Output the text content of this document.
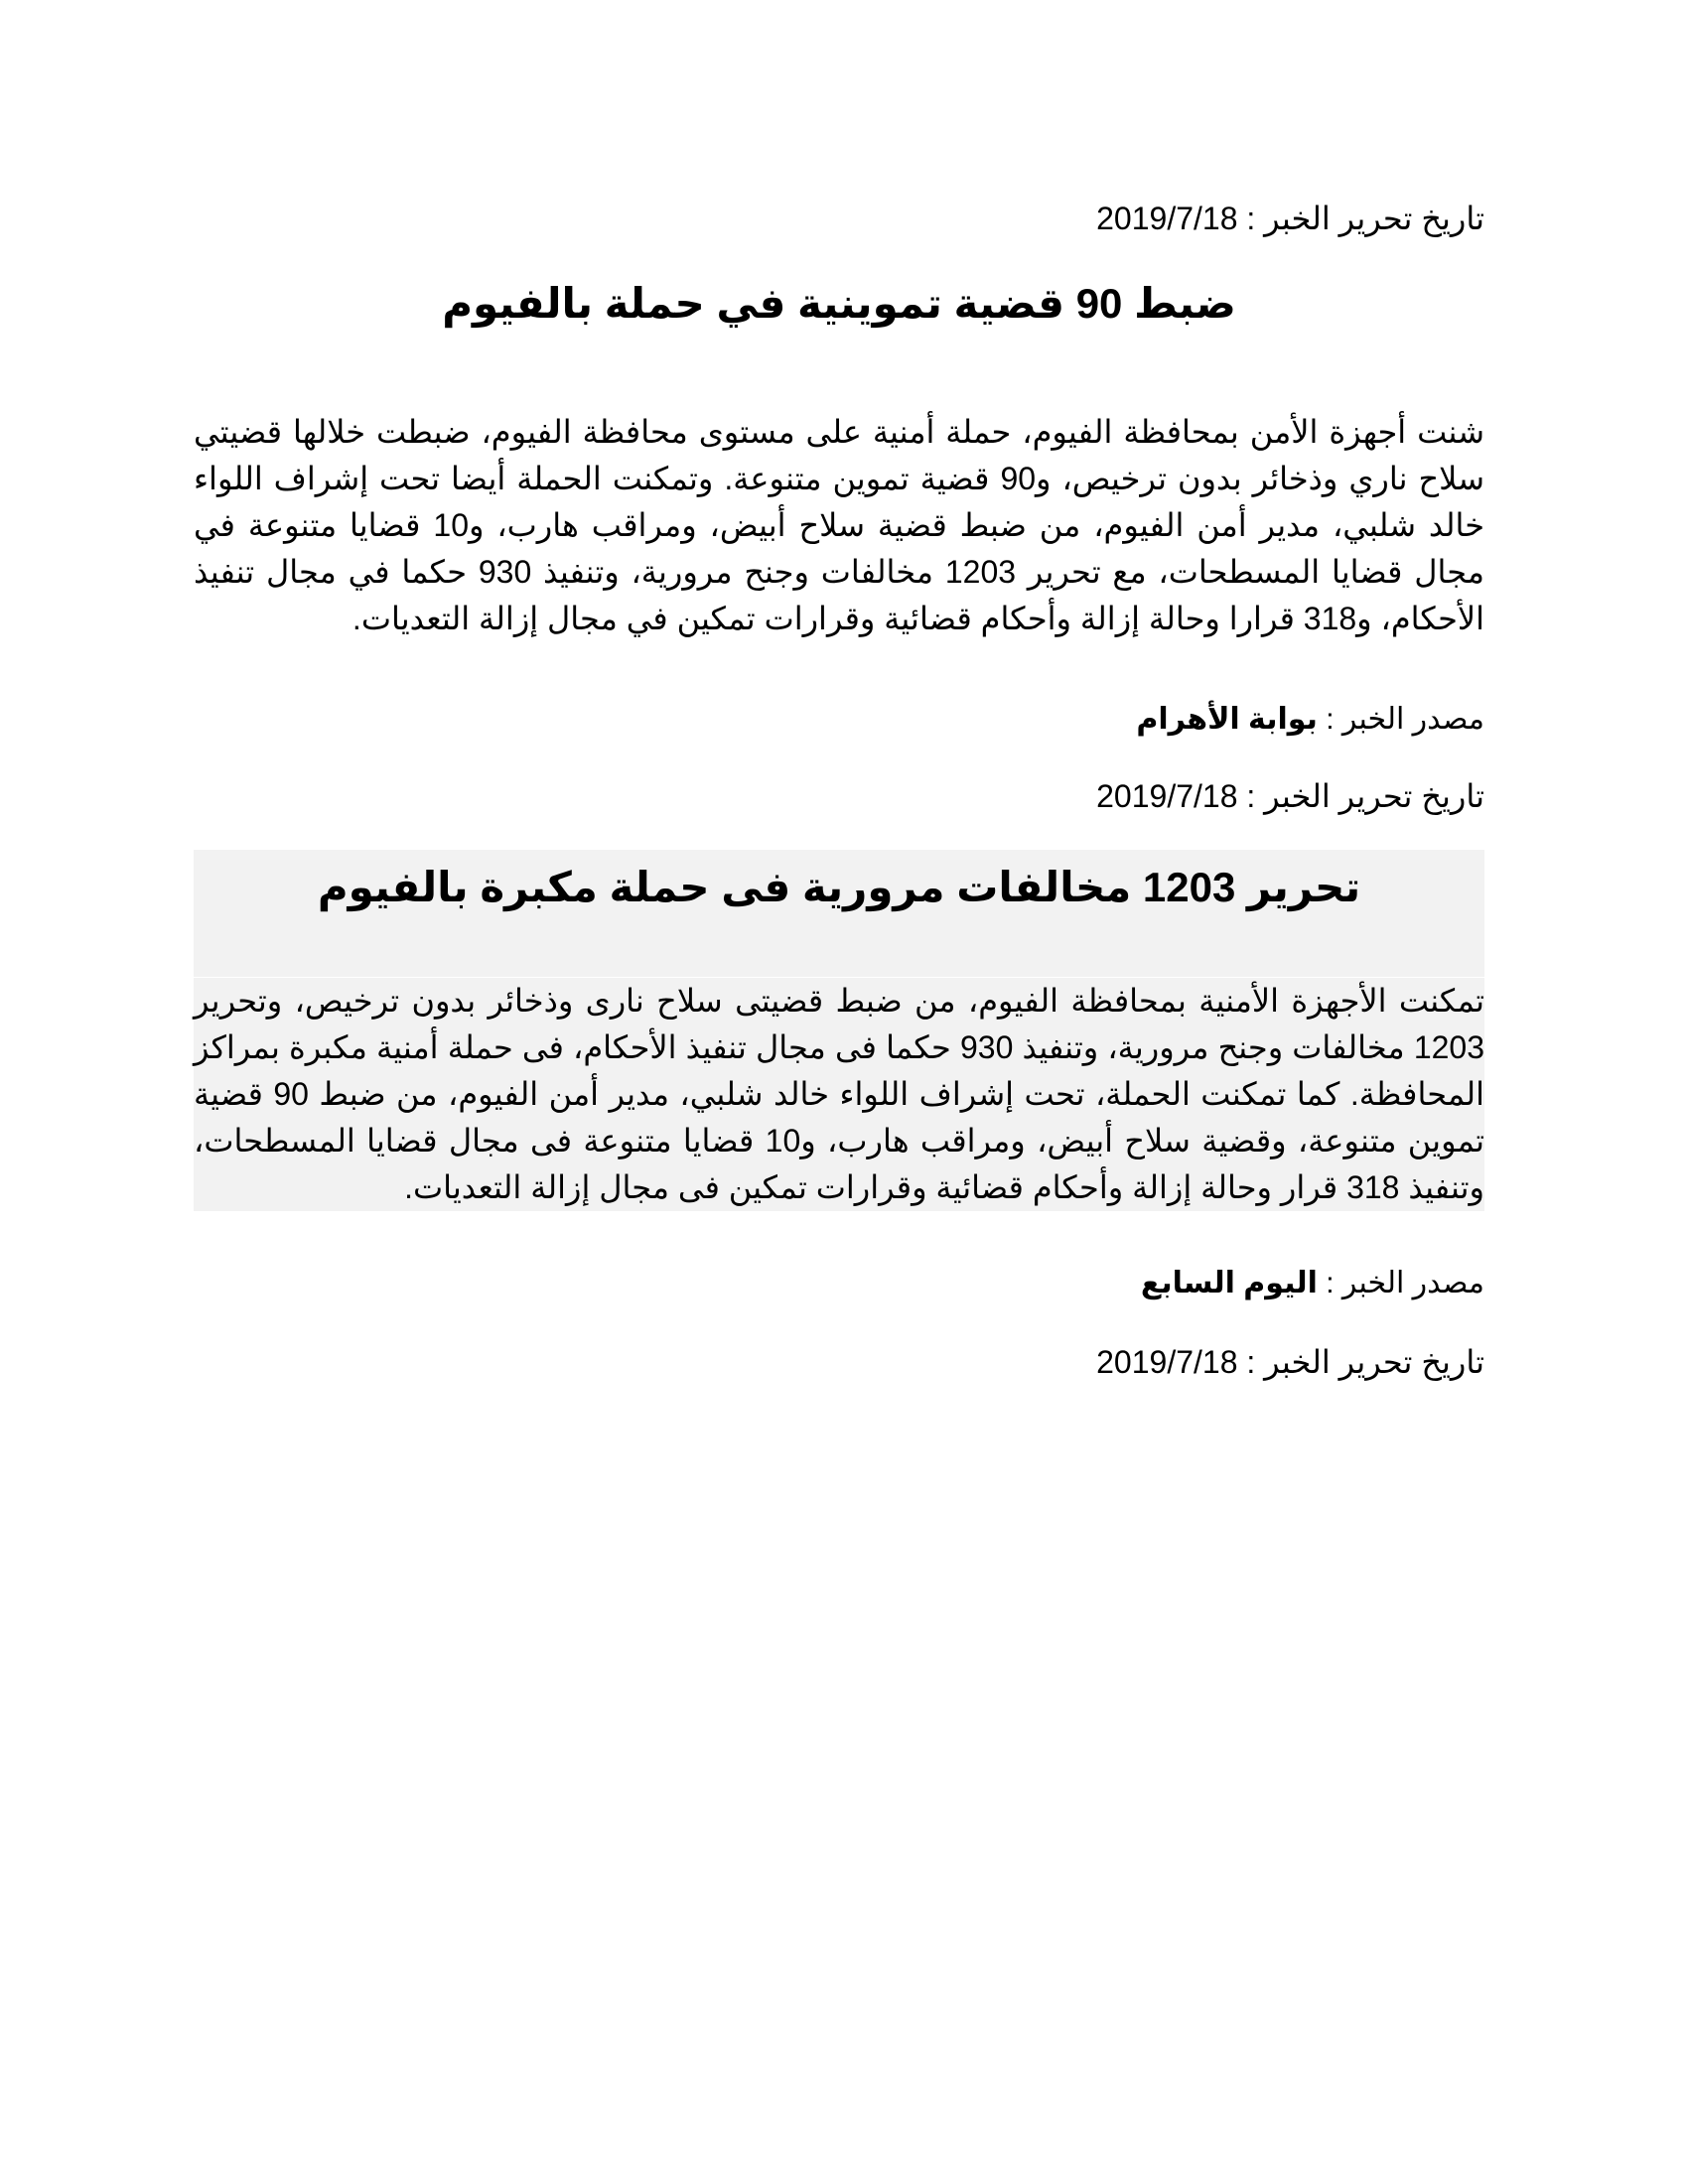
تاريخ تحرير الخبر : 2019/7/18
ضبط 90 قضية تموينية في حملة بالفيوم

شنت أجهزة الأمن بمحافظة الفيوم، حملة أمنية على مستوى محافظة الفيوم، ضبطت خلالها قضيتي سلاح ناري وذخائر بدون ترخيص، و90 قضية تموين متنوعة. وتمكنت الحملة أيضا تحت إشراف اللواء خالد شلبي، مدير أمن الفيوم، من ضبط قضية سلاح أبيض، ومراقب هارب، و10 قضايا متنوعة في مجال قضايا المسطحات، مع تحرير 1203 مخالفات وجنح مرورية، وتنفيذ 930 حكما في مجال تنفيذ الأحكام، و318 قرارا وحالة إزالة وأحكام قضائية وقرارات تمكين في مجال إزالة التعديات.

مصدر الخبر : بوابة الأهرام
تاريخ تحرير الخبر : 2019/7/18
تحرير 1203 مخالفات مرورية فى حملة مكبرة بالفيوم

تمكنت الأجهزة الأمنية بمحافظة الفيوم، من ضبط قضيتى سلاح نارى وذخائر بدون ترخيص، وتحرير 1203 مخالفات وجنح مرورية، وتنفيذ 930 حكما فى مجال تنفيذ الأحكام، فى حملة أمنية مكبرة بمراكز المحافظة. كما تمكنت الحملة، تحت إشراف اللواء خالد شلبي، مدير أمن الفيوم، من ضبط 90 قضية تموين متنوعة، وقضية سلاح أبيض، ومراقب هارب، و10 قضايا متنوعة فى مجال قضايا المسطحات، وتنفيذ 318 قرار وحالة إزالة وأحكام قضائية وقرارات تمكين فى مجال إزالة التعديات.

مصدر الخبر : اليوم السابع
تاريخ تحرير الخبر : 2019/7/18
